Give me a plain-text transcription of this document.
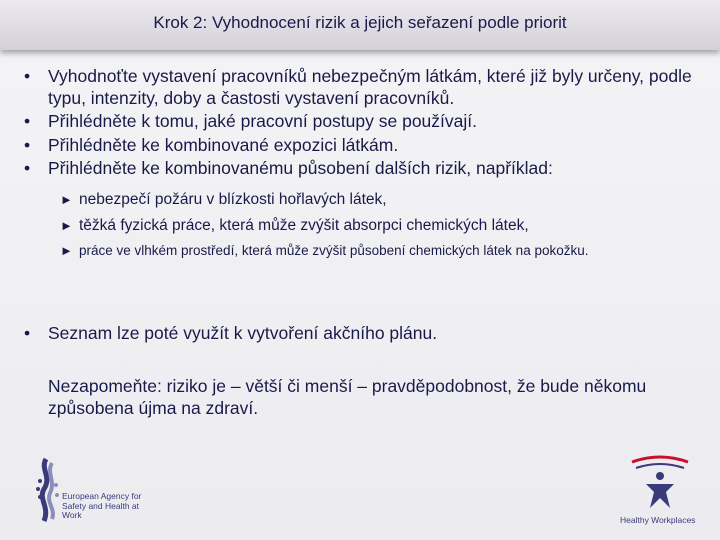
Krok 2: Vyhodnocení rizik a jejich seřazení podle priorit
• Vyhodnoťte vystavení pracovníků nebezpečným látkám, které již byly určeny, podle typu, intenzity, doby a častosti vystavení pracovníků.
• Přihlédněte k tomu, jaké pracovní postupy se používají.
• Přihlédněte ke kombinované expozici látkám.
• Přihlédněte ke kombinovanému působení dalších rizik, například:
► nebezpečí požáru v blízkosti hořlavých látek,
► těžká fyzická práce, která může zvýšit absorpci chemických látek,
► práce ve vlhkém prostředí, která může zvýšit působení chemických látek na pokožku.
• Seznam lze poté využít k vytvoření akčního plánu.
Nezapomeňte: riziko je – větší či menší – pravděpodobnost, že bude někomu způsobena újma na zdraví.
European Agency for Safety and Health at Work	Healthy Workplaces
